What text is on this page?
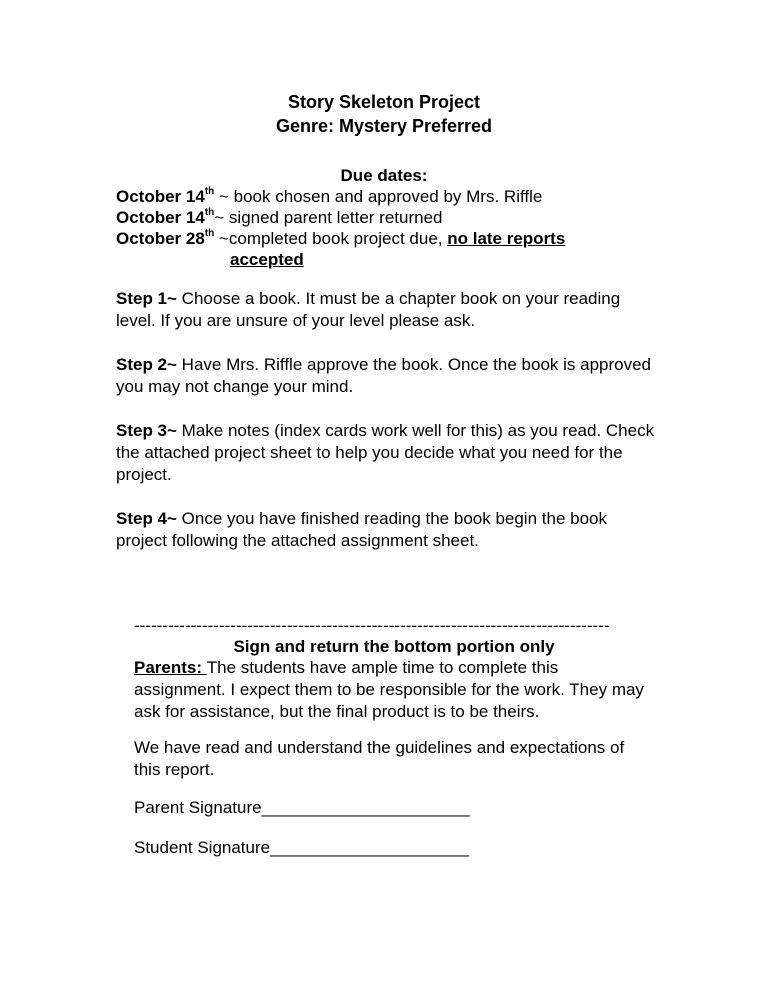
Story Skeleton Project
Genre: Mystery Preferred
Due dates:
October 14th ~ book chosen and approved by Mrs. Riffle
October 14th~ signed parent letter returned
October 28th ~completed book project due, no late reports
accepted

Step 1~ Choose a book. It must be a chapter book on your reading level. If you are unsure of your level please ask.

Step 2~ Have Mrs. Riffle approve the book. Once the book is approved you may not change your mind.

Step 3~ Make notes (index cards work well for this) as you read. Check the attached project sheet to help you decide what you need for the project.

Step 4~ Once you have finished reading the book begin the book project following the attached assignment sheet.

------------------------------------------------------------------------------------
Sign and return the bottom portion only
Parents: The students have ample time to complete this assignment. I expect them to be responsible for the work. They may ask for assistance, but the final product is to be theirs.
We have read and understand the guidelines and expectations of this report.
Parent Signature______________________
Student Signature_____________________
